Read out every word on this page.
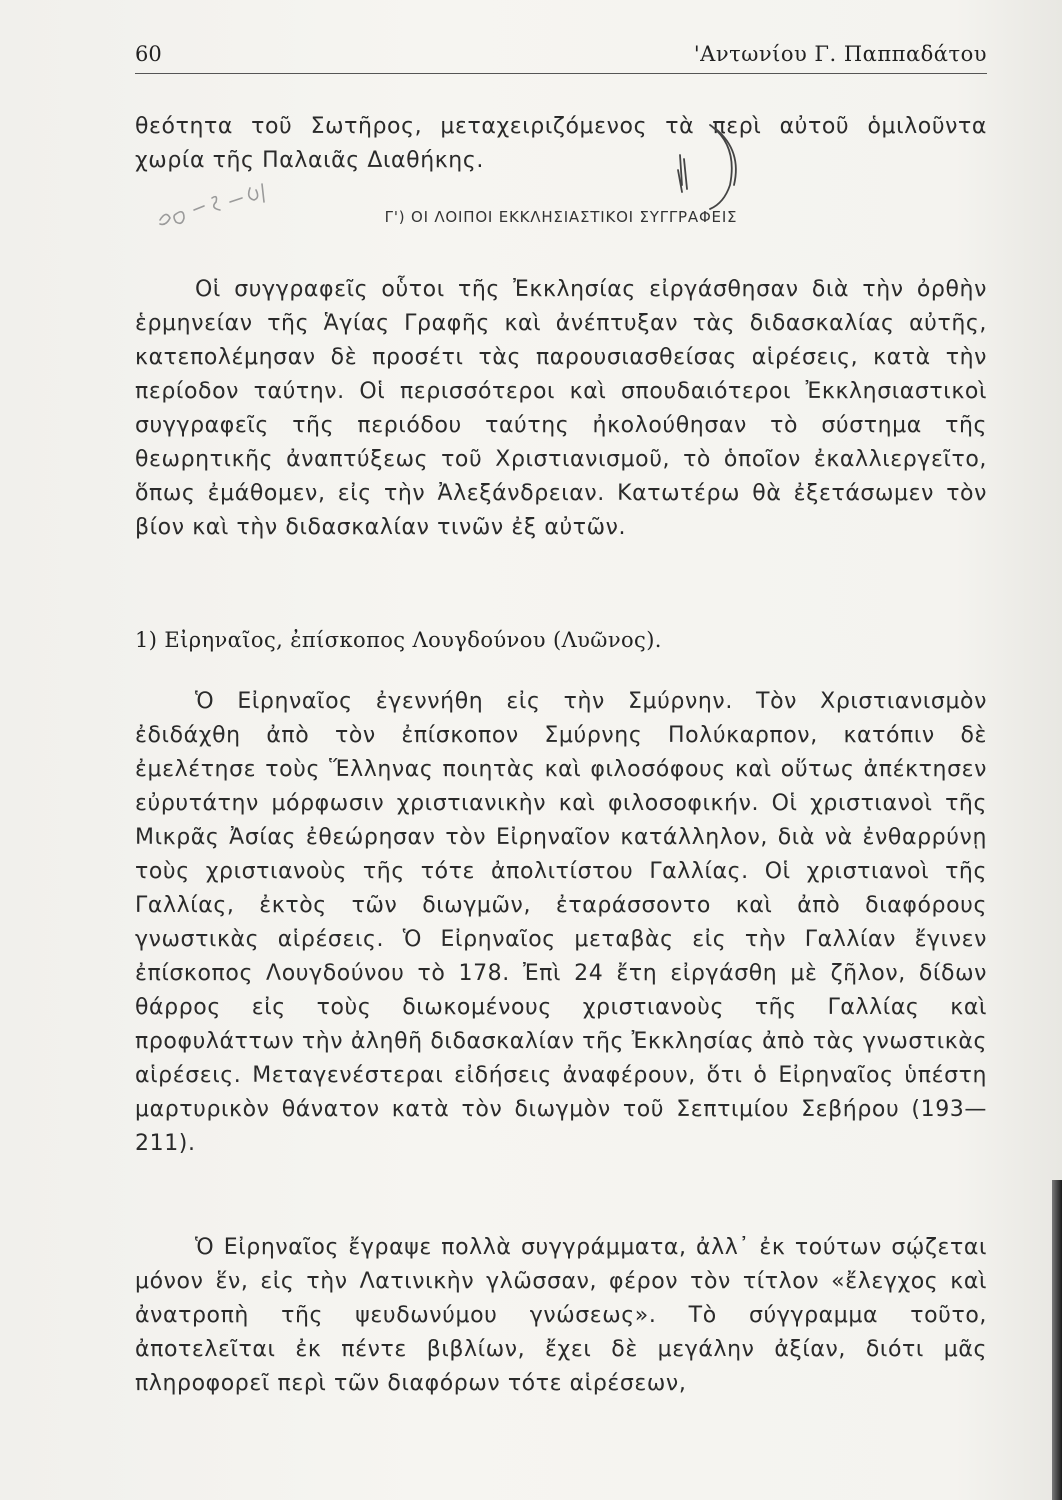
60	'Αντωνίου Γ. Παππαδάτου

θεότητα τοῦ Σωτῆρος, μεταχειριζόμενος τὰ περὶ αὐτοῦ ὁμιλοῦντα χωρία τῆς Παλαιᾶς Διαθήκης.

Γ') ΟΙ ΛΟΙΠΟΙ ΕΚΚΛΗΣΙΑΣΤΙΚΟΙ ΣΥΓΓΡΑΦΕΙΣ

Οἱ συγγραφεῖς οὗτοι τῆς Ἐκκλησίας εἰργάσθησαν διὰ τὴν ὀρθὴν ἑρμηνείαν τῆς Ἁγίας Γραφῆς καὶ ἀνέπτυξαν τὰς διδασκαλίας αὐτῆς, κατεπολέμησαν δὲ προσέτι τὰς παρουσιασθείσας αἱρέσεις, κατὰ τὴν περίοδον ταύτην. Οἱ περισσότεροι καὶ σπουδαιότεροι Ἐκκλησιαστικοὶ συγγραφεῖς τῆς περιόδου ταύτης ἠκολούθησαν τὸ σύστημα τῆς θεωρητικῆς ἀναπτύξεως τοῦ Χριστιανισμοῦ, τὸ ὁποῖον ἐκαλλιεργεῖτο, ὅπως ἐμάθομεν, εἰς τὴν Ἀλεξάνδρειαν. Κατωτέρω θὰ ἐξετάσωμεν τὸν βίον καὶ τὴν διδασκαλίαν τινῶν ἐξ αὐτῶν.

1) Εἰρηναῖος, ἐπίσκοπος Λουγδούνου (Λυῶνος).

Ὁ Εἰρηναῖος ἐγεννήθη εἰς τὴν Σμύρνην. Τὸν Χριστιανισμὸν ἐδιδάχθη ἀπὸ τὸν ἐπίσκοπον Σμύρνης Πολύκαρπον, κατόπιν δὲ ἐμελέτησε τοὺς Ἕλληνας ποιητὰς καὶ φιλοσόφους καὶ οὕτως ἀπέκτησεν εὐρυτάτην μόρφωσιν χριστιανικὴν καὶ φιλοσοφικήν. Οἱ χριστιανοὶ τῆς Μικρᾶς Ἀσίας ἐθεώρησαν τὸν Εἰρηναῖον κατάλληλον, διὰ νὰ ἐνθαρρύνῃ τοὺς χριστιανοὺς τῆς τότε ἀπολιτίστου Γαλλίας. Οἱ χριστιανοὶ τῆς Γαλλίας, ἐκτὸς τῶν διωγμῶν, ἐταράσσοντο καὶ ἀπὸ διαφόρους γνωστικὰς αἱρέσεις. Ὁ Εἰρηναῖος μεταβὰς εἰς τὴν Γαλλίαν ἔγινεν ἐπίσκοπος Λουγδούνου τὸ 178. Ἐπὶ 24 ἔτη εἰργάσθη μὲ ζῆλον, δίδων θάρρος εἰς τοὺς διωκομένους χριστιανοὺς τῆς Γαλλίας καὶ προφυλάττων τὴν ἀληθῆ διδασκαλίαν τῆς Ἐκκλησίας ἀπὸ τὰς γνωστικὰς αἱρέσεις. Μεταγενέστεραι εἰδήσεις ἀναφέρουν, ὅτι ὁ Εἰρηναῖος ὑπέστη μαρτυρικὸν θάνατον κατὰ τὸν διωγμὸν τοῦ Σεπτιμίου Σεβήρου (193—211).

Ὁ Εἰρηναῖος ἔγραψε πολλὰ συγγράμματα, ἀλλ᾽ ἐκ τούτων σῴζεται μόνον ἕν, εἰς τὴν Λατινικὴν γλῶσσαν, φέρον τὸν τίτλον «ἔλεγχος καὶ ἀνατροπὴ τῆς ψευδωνύμου γνώσεως». Τὸ σύγγραμμα τοῦτο, ἀποτελεῖται ἐκ πέντε βιβλίων, ἔχει δὲ μεγάλην ἀξίαν, διότι μᾶς πληροφορεῖ περὶ τῶν διαφόρων τότε αἱρέσεων,
